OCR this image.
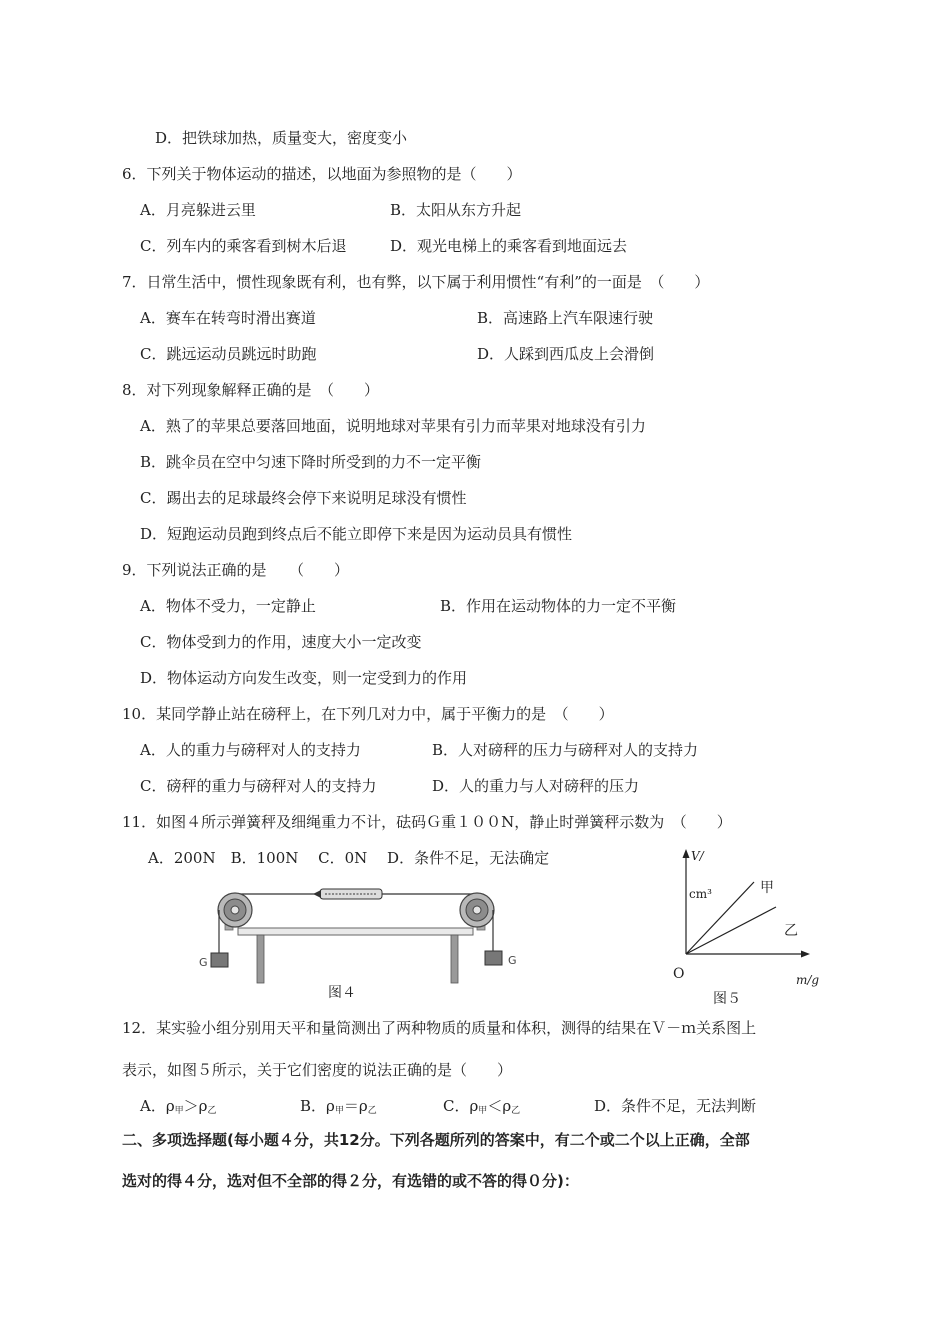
D．把铁球加热，质量变大，密度变小
6．下列关于物体运动的描述，以地面为参照物的是（　　）
A．月亮躲进云里	B．太阳从东方升起
C．列车内的乘客看到树木后退	D．观光电梯上的乘客看到地面远去
7．日常生活中，惯性现象既有利，也有弊，以下属于利用惯性“有利”的一面是　（　　）
A．赛车在转弯时滑出赛道	B．高速路上汽车限速行驶
C．跳远运动员跳远时助跑	D．人踩到西瓜皮上会滑倒
8．对下列现象解释正确的是　（　　）
A．熟了的苹果总要落回地面，说明地球对苹果有引力而苹果对地球没有引力
B．跳伞员在空中匀速下降时所受到的力不一定平衡
C．踢出去的足球最终会停下来说明足球没有惯性
D．短跑运动员跑到终点后不能立即停下来是因为运动员具有惯性
9．下列说法正确的是　　（　　）
A．物体不受力，一定静止	B．作用在运动物体的力一定不平衡
C．物体受到力的作用，速度大小一定改变
D．物体运动方向发生改变，则一定受到力的作用
10．某同学静止站在磅秤上，在下列几对力中，属于平衡力的是　（　　）
A．人的重力与磅秤对人的支持力	B．人对磅秤的压力与磅秤对人的支持力
C．磅秤的重力与磅秤对人的支持力	D．人的重力与人对磅秤的压力
11．如图４所示弹簧秤及细绳重力不计，砝码Ｇ重１００N，静止时弹簧秤示数为　（　　）
A．200N　B．100N　 C．0N　 D．条件不足，无法确定
G	G
图４
V/
cm³	甲
乙
O	m/g
图５
12．某实验小组分别用天平和量筒测出了两种物质的质量和体积，测得的结果在Ｖ－ｍ关系图上
表示，如图５所示，关于它们密度的说法正确的是（　　）
A．$\rho_甲>\rho_乙$	B．$\rho_甲=\rho_乙$	C．$\rho_甲<\rho_乙$	D．条件不足，无法判断
二、多项选择题(每小题４分，共12分。下列各题所列的答案中，有二个或二个以上正确，全部
选对的得４分，选对但不全部的得２分，有选错的或不答的得０分)：
